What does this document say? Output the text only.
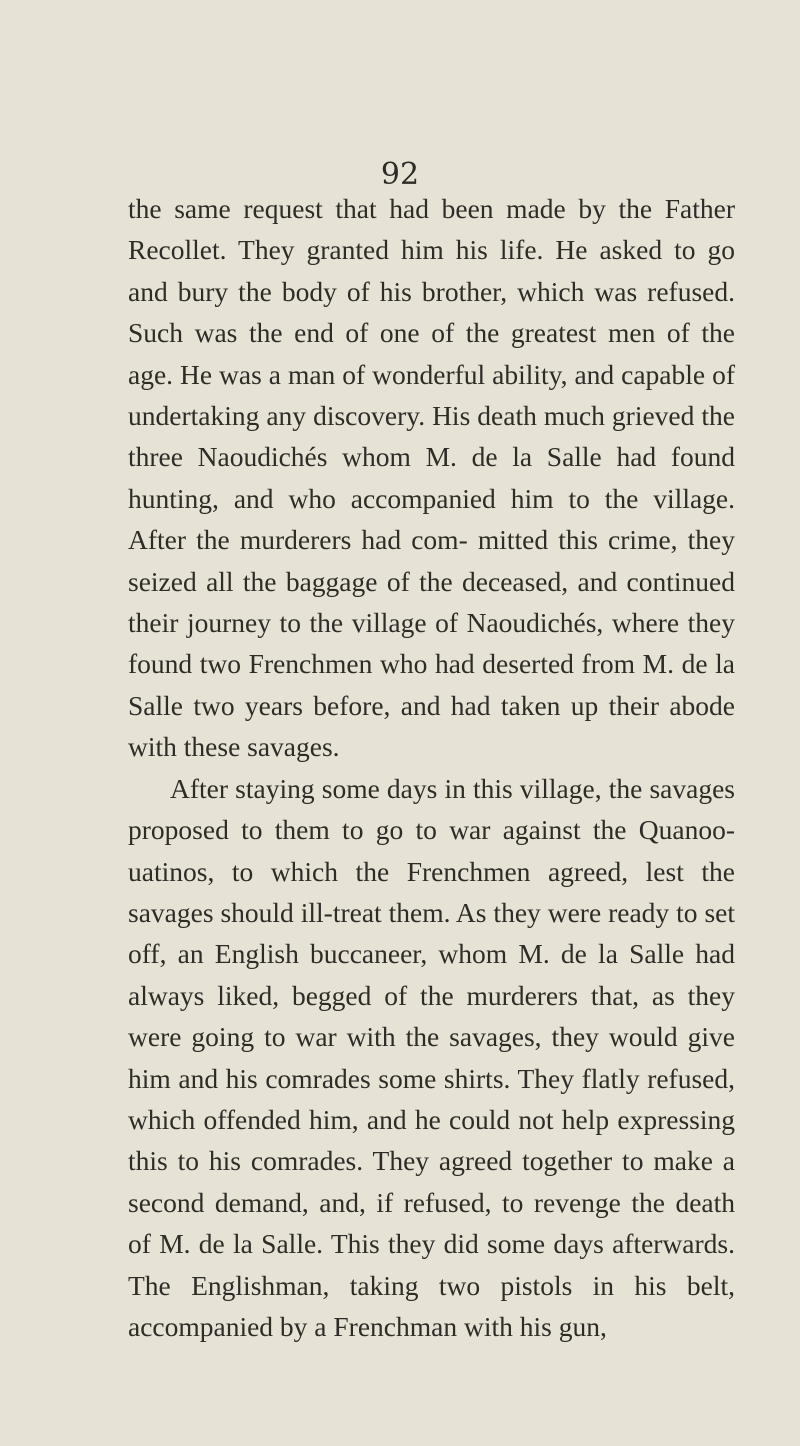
92

the same request that had been made by the Father Recollet. They granted him his life. He asked to go and bury the body of his brother, which was refused. Such was the end of one of the greatest men of the age. He was a man of wonderful ability, and capable of undertaking any discovery. His death much grieved the three Naoudichés whom M. de la Salle had found hunting, and who accompanied him to the village. After the murderers had com- mitted this crime, they seized all the baggage of the deceased, and continued their journey to the village of Naoudichés, where they found two Frenchmen who had deserted from M. de la Salle two years before, and had taken up their abode with these savages.

After staying some days in this village, the savages proposed to them to go to war against the Quanoo- uatinos, to which the Frenchmen agreed, lest the savages should ill-treat them. As they were ready to set off, an English buccaneer, whom M. de la Salle had always liked, begged of the murderers that, as they were going to war with the savages, they would give him and his comrades some shirts. They flatly refused, which offended him, and he could not help expressing this to his comrades. They agreed together to make a second demand, and, if refused, to revenge the death of M. de la Salle. This they did some days afterwards. The Englishman, taking two pistols in his belt, accompanied by a Frenchman with his gun,
